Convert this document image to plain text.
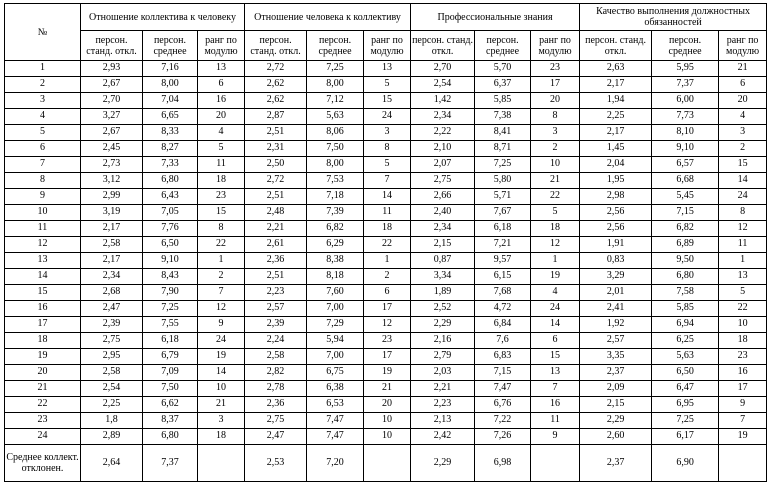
№	Отношение коллектива к человеку			Отношение человека к коллективу			Профессиональные знания			Качество выполнения должностных обязанностей		
	персон. станд. откл.	персон. среднее	ранг по модулю	персон. станд. откл.	персон. среднее	ранг по модулю	персон. станд. откл.	персон. среднее	ранг по модулю	персон. станд. откл.	персон. среднее	ранг по модулю
1	2,93	7,16	13	2,72	7,25	13	2,70	5,70	23	2,63	5,95	21
2	2,67	8,00	6	2,62	8,00	5	2,54	6,37	17	2,17	7,37	6
3	2,70	7,04	16	2,62	7,12	15	1,42	5,85	20	1,94	6,00	20
4	3,27	6,65	20	2,87	5,63	24	2,34	7,38	8	2,25	7,73	4
5	2,67	8,33	4	2,51	8,06	3	2,22	8,41	3	2,17	8,10	3
6	2,45	8,27	5	2,31	7,50	8	2,10	8,71	2	1,45	9,10	2
7	2,73	7,33	11	2,50	8,00	5	2,07	7,25	10	2,04	6,57	15
8	3,12	6,80	18	2,72	7,53	7	2,75	5,80	21	1,95	6,68	14
9	2,99	6,43	23	2,51	7,18	14	2,66	5,71	22	2,98	5,45	24
10	3,19	7,05	15	2,48	7,39	11	2,40	7,67	5	2,56	7,15	8
11	2,17	7,76	8	2,21	6,82	18	2,34	6,18	18	2,56	6,82	12
12	2,58	6,50	22	2,61	6,29	22	2,15	7,21	12	1,91	6,89	11
13	2,17	9,10	1	2,36	8,38	1	0,87	9,57	1	0,83	9,50	1
14	2,34	8,43	2	2,51	8,18	2	3,34	6,15	19	3,29	6,80	13
15	2,68	7,90	7	2,23	7,60	6	1,89	7,68	4	2,01	7,58	5
16	2,47	7,25	12	2,57	7,00	17	2,52	4,72	24	2,41	5,85	22
17	2,39	7,55	9	2,39	7,29	12	2,29	6,84	14	1,92	6,94	10
18	2,75	6,18	24	2,24	5,94	23	2,16	7,6	6	2,57	6,25	18
19	2,95	6,79	19	2,58	7,00	17	2,79	6,83	15	3,35	5,63	23
20	2,58	7,09	14	2,82	6,75	19	2,03	7,15	13	2,37	6,50	16
21	2,54	7,50	10	2,78	6,38	21	2,21	7,47	7	2,09	6,47	17
22	2,25	6,62	21	2,36	6,53	20	2,23	6,76	16	2,15	6,95	9
23	1,8	8,37	3	2,75	7,47	10	2,13	7,22	11	2,29	7,25	7
24	2,89	6,80	18	2,47	7,47	10	2,42	7,26	9	2,60	6,17	19
Среднее коллект. отклонен.	2,64	7,37		2,53	7,20		2,29	6,98		2,37	6,90	
